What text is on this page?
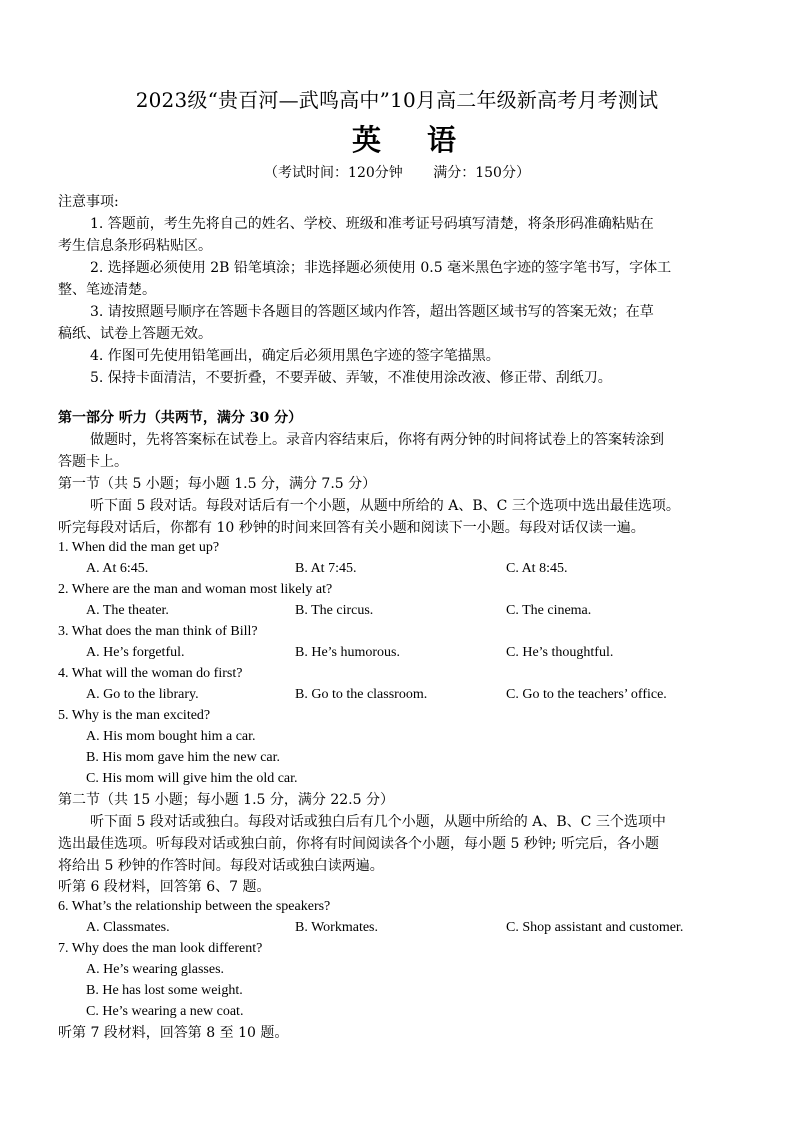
2023级“贵百河—武鸣高中”10月高二年级新高考月考测试
英语
（考试时间：120分钟 满分：150分）
注意事项:
1. 答题前，考生先将自己的姓名、学校、班级和准考证号码填写清楚，将条形码准确粘贴在
考生信息条形码粘贴区。
2. 选择题必须使用 2B 铅笔填涂；非选择题必须使用 0.5 毫米黑色字迹的签字笔书写，字体工
整、笔迹清楚。
3. 请按照题号顺序在答题卡各题目的答题区域内作答，超出答题区域书写的答案无效；在草
稿纸、试卷上答题无效。
4. 作图可先使用铅笔画出，确定后必须用黑色字迹的签字笔描黑。
5. 保持卡面清洁，不要折叠，不要弄破、弄皱，不准使用涂改液、修正带、刮纸刀。
第一部分 听力（共两节，满分 30 分）
做题时，先将答案标在试卷上。录音内容结束后，你将有两分钟的时间将试卷上的答案转涂到
答题卡上。
第一节（共 5 小题；每小题 1.5 分，满分 7.5 分）
听下面 5 段对话。每段对话后有一个小题，从题中所给的 A、B、C 三个选项中选出最佳选项。
听完每段对话后，你都有 10 秒钟的时间来回答有关小题和阅读下一小题。每段对话仅读一遍。
1. When did the man get up?
A. At 6:45.	B. At 7:45.	C. At 8:45.
2. Where are the man and woman most likely at?
A. The theater.	B. The circus.	C. The cinema.
3. What does the man think of Bill?
A. He’s forgetful.	B. He’s humorous.	C. He’s thoughtful.
4. What will the woman do first?
A. Go to the library.	B. Go to the classroom.	C. Go to the teachers’ office.
5. Why is the man excited?
A. His mom bought him a car.
B. His mom gave him the new car.
C. His mom will give him the old car.
第二节（共 15 小题；每小题 1.5 分，满分 22.5 分）
听下面 5 段对话或独白。每段对话或独白后有几个小题，从题中所给的 A、B、C 三个选项中
选出最佳选项。听每段对话或独白前，你将有时间阅读各个小题，每小题 5 秒钟; 听完后，各小题
将给出 5 秒钟的作答时间。每段对话或独白读两遍。
听第 6 段材料，回答第 6、7 题。
6. What’s the relationship between the speakers?
A. Classmates.	B. Workmates.	C. Shop assistant and customer.
7. Why does the man look different?
A. He’s wearing glasses.
B. He has lost some weight.
C. He’s wearing a new coat.
听第 7 段材料，回答第 8 至 10 题。
